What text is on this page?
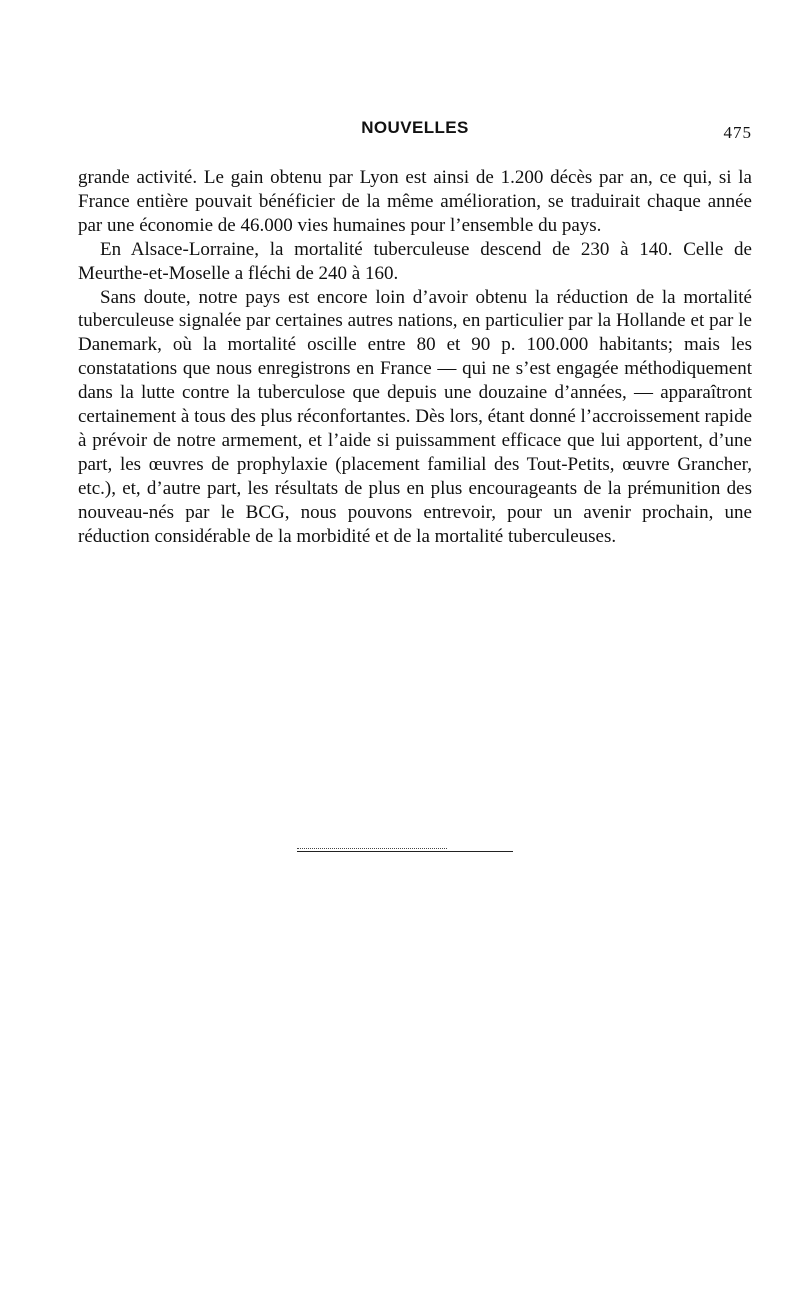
NOUVELLES	475

grande activité. Le gain obtenu par Lyon est ainsi de 1.200 décès par an, ce qui, si la France entière pouvait bénéficier de la même amélioration, se traduirait chaque année par une économie de 46.000 vies humaines pour l’ensemble du pays.

En Alsace-Lorraine, la mortalité tuberculeuse descend de 230 à 140. Celle de Meurthe-et-Moselle a fléchi de 240 à 160.

Sans doute, notre pays est encore loin d’avoir obtenu la réduction de la mortalité tuberculeuse signalée par certaines autres nations, en particulier par la Hollande et par le Danemark, où la mortalité oscille entre 80 et 90 p. 100.000 habitants; mais les constatations que nous enregistrons en France — qui ne s’est engagée méthodiquement dans la lutte contre la tuberculose que depuis une douzaine d’années, — apparaîtront certainement à tous des plus réconfortantes. Dès lors, étant donné l’accroissement rapide à prévoir de notre armement, et l’aide si puissamment efficace que lui apportent, d’une part, les œuvres de prophylaxie (placement familial des Tout-Petits, œuvre Grancher, etc.), et, d’autre part, les résultats de plus en plus encourageants de la prémunition des nouveau-nés par le BCG, nous pouvons entrevoir, pour un avenir prochain, une réduction considérable de la morbidité et de la mortalité tuberculeuses.
